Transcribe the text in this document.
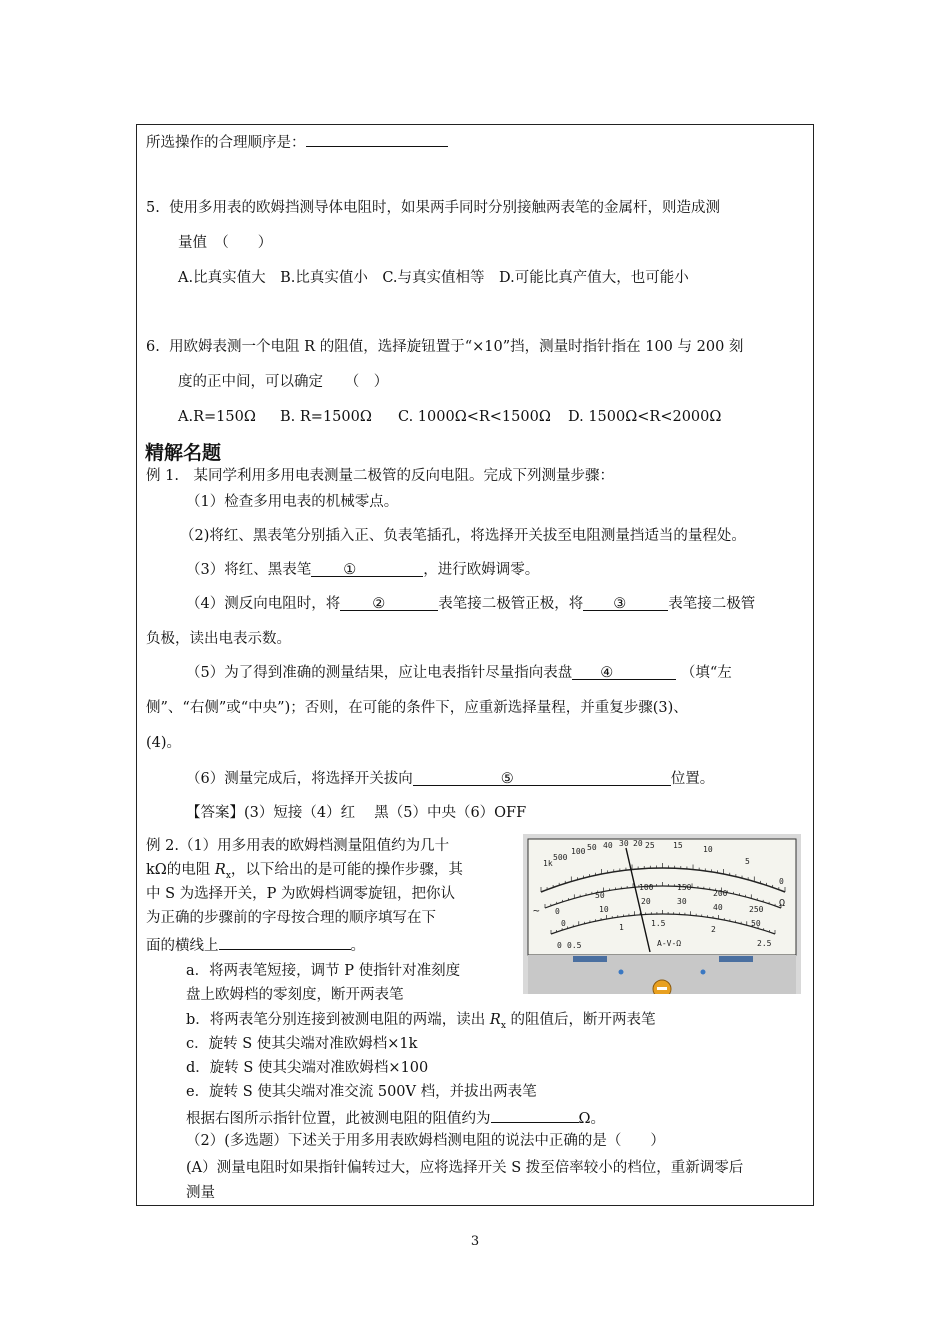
所选操作的合理顺序是：
5. 使用多用表的欧姆挡测导体电阻时，如果两手同时分别接触两表笔的金属杆，则造成测
量值　（　　）
A.比真实值大　B.比真实值小　C.与真实值相等　D.可能比真产值大，也可能小
6. 用欧姆表测一个电阻 R 的阻值，选择旋钮置于“×10”挡，测量时指针指在 100 与 200 刻
度的正中间，可以确定　　（　）
A.R=150Ω B. R=1500Ω C. 1000Ω<R<1500Ω D. 1500Ω<R<2000Ω
精解名题
例 1.　某同学利用多用电表测量二极管的反向电阻。完成下列测量步骤：
（1）检查多用电表的机械零点。
（2)将红、黑表笔分别插入正、负表笔插孔，将选择开关拔至电阻测量挡适当的量程处。
（3）将红、黑表笔 ①	，进行欧姆调零。
（4）测反向电阻时，将 ②	表笔接二极管正极，将 ③	表笔接二极管
负极，读出电表示数。
（5）为了得到准确的测量结果，应让电表指针尽量指向表盘 ④	（填“左
侧”、“右侧”或“中央”)；否则，在可能的条件下，应重新选择量程，并重复步骤(3)、
(4)。
（6）测量完成后，将选择开关拔向	⑤	位置。
【答案】(3）短接（4）红　 黑（5）中央（6）OFF
例 2.（1）用多用表的欧姆档测量阻值约为几十
kΩ的电阻 $R_x$，以下给出的是可能的操作步骤，其
中 S 为选择开关，P 为欧姆档调零旋钮，把你认
为正确的步骤前的字母按合理的顺序填写在下
面的横线上	。
a．将两表笔短接，调节 P 使指针对准刻度
盘上欧姆档的零刻度，断开两表笔
b．将两表笔分别连接到被测电阻的两端，读出 $R_x$ 的阻值后，断开两表笔
c．旋转 S 使其尖端对准欧姆档×1k
d．旋转 S 使其尖端对准欧姆档×100
e．旋转 S 使其尖端对准交流 500V 档，并拔出两表笔
根据右图所示指针位置，此被测电阻的阻值约为	Ω。
（2）(多选题）下述关于用多用表欧姆档测电阻的说法中正确的是（　　）
(A）测量电阻时如果指针偏转过大，应将选择开关 S 拨至倍率较小的档位，重新调零后
测量
1k
500
100 50 40 30 20 25 15	10
5
0
0
50
100	150
200
250
0
10
20	30
40
50
0 0.5
1	1.5
2
2.5
A-V-Ω
Ω
~
3
